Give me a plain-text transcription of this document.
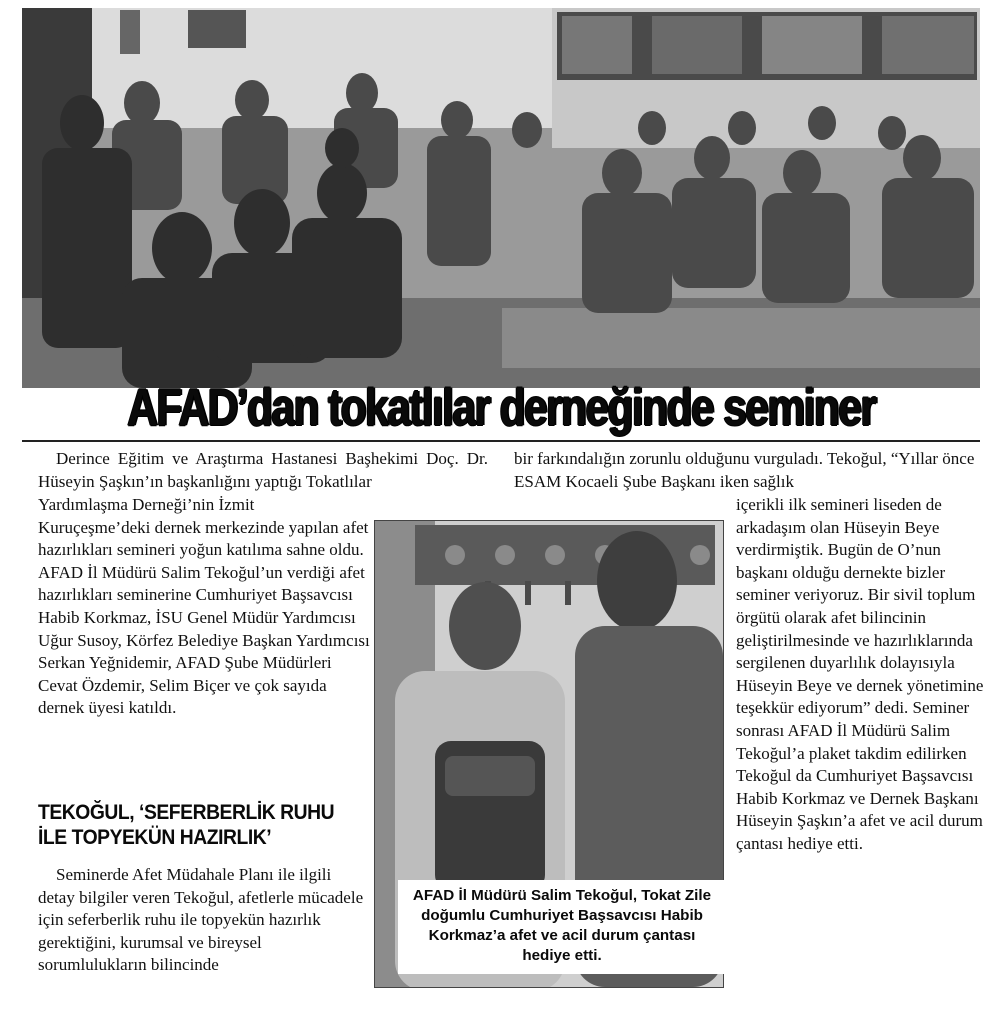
AFAD’dan tokatlılar derneğinde seminer

Derince Eğitim ve Araştırma Hastanesi Başhekimi Doç. Dr. Hüseyin Şaşkın’ın başkanlığını yaptığı Tokatlılar

Yardımlaşma Derneği’nin İzmit Kuruçeşme’deki dernek merkezinde yapılan afet hazırlıkları semineri yoğun katılıma sahne oldu. AFAD İl Müdürü Salim Tekoğul’un verdiği afet hazırlıkları seminerine Cumhuriyet Başsavcısı Habib Korkmaz, İSU Genel Müdür Yardımcısı Uğur Susoy, Körfez Belediye Başkan Yardımcısı Serkan Yeğnidemir, AFAD Şube Müdürleri Cevat Özdemir, Selim Biçer ve çok sayıda dernek üyesi katıldı.

TEKOĞUL, ‘SEFERBERLİK RUHU İLE TOPYEKÜN HAZIRLIK’

Seminerde Afet Müdahale Planı ile ilgili detay bilgiler veren Tekoğul, afetlerle mücadele için seferberlik ruhu ile topyekün hazırlık gerektiğini, kurumsal ve bireysel sorumlulukların bilincinde

bir farkındalığın zorunlu olduğunu vurguladı. Tekoğul, “Yıllar önce ESAM Kocaeli Şube Başkanı iken sağlık

içerikli ilk semineri liseden de arkadaşım olan Hüseyin Beye verdirmiştik. Bugün de O’nun başkanı olduğu dernekte bizler seminer veriyoruz. Bir sivil toplum örgütü olarak afet bilincinin geliştirilmesinde ve hazırlıklarında sergilenen duyarlılık dolayısıyla Hüseyin Beye ve dernek yönetimine teşekkür ediyorum” dedi. Seminer sonrası AFAD İl Müdürü Salim Tekoğul’a plaket takdim edilirken Tekoğul da Cumhuriyet Başsavcısı Habib Korkmaz ve Dernek Başkanı Hüseyin Şaşkın’a afet ve acil durum çantası hediye etti.

AFAD İl Müdürü Salim Tekoğul, Tokat Zile doğumlu Cumhuriyet Başsavcısı Habib Korkmaz’a afet ve acil durum çantası hediye etti.
